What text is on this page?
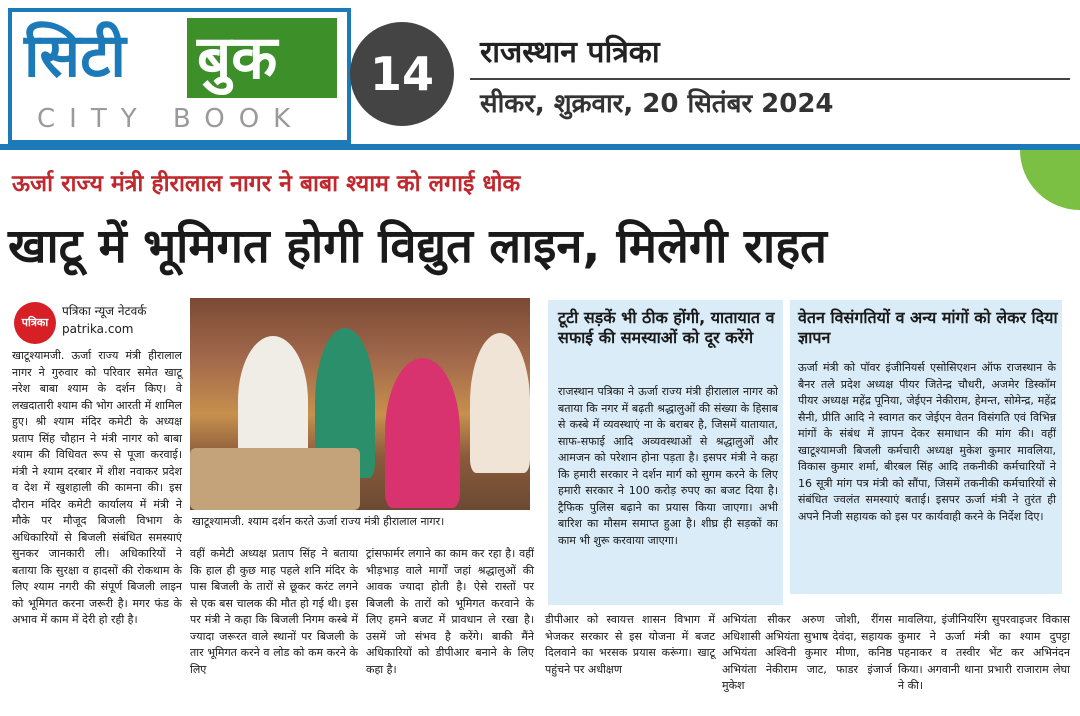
सिटी बुक
CITY BOOK
14	राजस्थान पत्रिका
सीकर, शुक्रवार, 20 सितंबर 2024
ऊर्जा राज्य मंत्री हीरालाल नागर ने बाबा श्याम को लगाई धोक
खाटू में भूमिगत होगी विद्युत लाइन, मिलेगी राहत
पत्रिका
पत्रिका न्यूज नेटवर्क
patrika.com
खाटूश्यामजी. ऊर्जा राज्य मंत्री हीरालाल नागर ने गुरुवार को परिवार समेत खाटू नरेश बाबा श्याम के दर्शन किए। वे लखदातारी श्याम की भोग आरती में शामिल हुए। श्री श्याम मंदिर कमेटी के अध्यक्ष प्रताप सिंह चौहान ने मंत्री नागर को बाबा श्याम की विधिवत रूप से पूजा करवाई। मंत्री ने श्याम दरबार में शीश नवाकर प्रदेश व देश में खुशहाली की कामना की। इस दौरान मंदिर कमेटी कार्यालय में मंत्री ने मौके पर मौजूद बिजली विभाग के अधिकारियों से बिजली संबंधित समस्याएं सुनकर जानकारी ली। अधिकारियों ने बताया कि सुरक्षा व हादसों की रोकथाम के लिए श्याम नगरी की संपूर्ण बिजली लाइन को भूमिगत करना जरूरी है। मगर फंड के अभाव में काम में देरी हो रही है।
खाटूश्यामजी. श्याम दर्शन करते ऊर्जा राज्य मंत्री हीरालाल नागर।
वहीं कमेटी अध्यक्ष प्रताप सिंह ने बताया कि हाल ही कुछ माह पहले शनि मंदिर के पास बिजली के तारों से छूकर करंट लगने से एक बस चालक की मौत हो गई थी। इस पर मंत्री ने कहा कि बिजली निगम कस्बे में ज्यादा जरूरत वाले स्थानों पर बिजली के तार भूमिगत करने व लोड को कम करने के लिए
ट्रांसफार्मर लगाने का काम कर रहा है। वहीं भीड़भाड़ वाले मार्गों जहां श्रद्धालुओं की आवक ज्यादा होती है। ऐसे रास्तों पर बिजली के तारों को भूमिगत करवाने के लिए हमने बजट में प्रावधान ले रखा है। उसमें जो संभव है करेंगे। बाकी मैंने अधिकारियों को डीपीआर बनाने के लिए कहा है।
टूटी सड़कें भी ठीक होंगी, यातायात व सफाई की समस्याओं को दूर करेंगे
राजस्थान पत्रिका ने ऊर्जा राज्य मंत्री हीरालाल नागर को बताया कि नगर में बढ़ती श्रद्धालुओं की संख्या के हिसाब से कस्बे में व्यवस्थाएं ना के बराबर है, जिसमें यातायात, साफ-सफाई आदि अव्यवस्थाओं से श्रद्धालुओं और आमजन को परेशान होना पड़ता है। इसपर मंत्री ने कहा कि हमारी सरकार ने दर्शन मार्ग को सुगम करने के लिए हमारी सरकार ने 100 करोड़ रुपए का बजट दिया है। ट्रैफिक पुलिस बढ़ाने का प्रयास किया जाएगा। अभी बारिश का मौसम समाप्त हुआ है। शीघ्र ही सड़कों का काम भी शुरू करवाया जाएगा।
वेतन विसंगतियों व अन्य मांगों को लेकर दिया ज्ञापन
ऊर्जा मंत्री को पॉवर इंजीनियर्स एसोसिएशन ऑफ राजस्थान के बैनर तले प्रदेश अध्यक्ष पीयर जितेन्द्र चौधरी, अजमेर डिस्कॉम पीयर अध्यक्ष महेंद्र पूनिया, जेईएन नेकीराम, हेमन्त, सोमेन्द्र, महेंद्र सैनी, प्रीति आदि ने स्वागत कर जेईएन वेतन विसंगति एवं विभिन्न मांगों के संबंध में ज्ञापन देकर समाधान की मांग की। वहीं खाटूश्यामजी बिजली कर्मचारी अध्यक्ष मुकेश कुमार मावलिया, विकास कुमार शर्मा, बीरबल सिंह आदि तकनीकी कर्मचारियों ने 16 सूत्री मांग पत्र मंत्री को सौंपा, जिसमें तकनीकी कर्मचारियों से संबंधित ज्वलंत समस्याएं बताई। इसपर ऊर्जा मंत्री ने तुरंत ही अपने निजी सहायक को इस पर कार्यवाही करने के निर्देश दिए।
डीपीआर को स्वायत्त शासन विभाग में भेजकर सरकार से इस योजना में बजट दिलवाने का भरसक प्रयास करूंगा। खाटू पहुंचने पर अधीक्षण
अभियंता सीकर अरुण जोशी, रींगस अधिशासी अभियंता सुभाष देवंदा, सहायक अभियंता अश्विनी कुमार मीणा, कनिष्ठ अभियंता नेकीराम जाट, फाडर इंजार्ज मुकेश
मावलिया, इंजीनियरिंग सुपरवाइजर विकास कुमार ने ऊर्जा मंत्री का श्याम दुपट्टा पहनाकर व तस्वीर भेंट कर अभिनंदन किया। अगवानी थाना प्रभारी राजाराम लेघा ने की।
